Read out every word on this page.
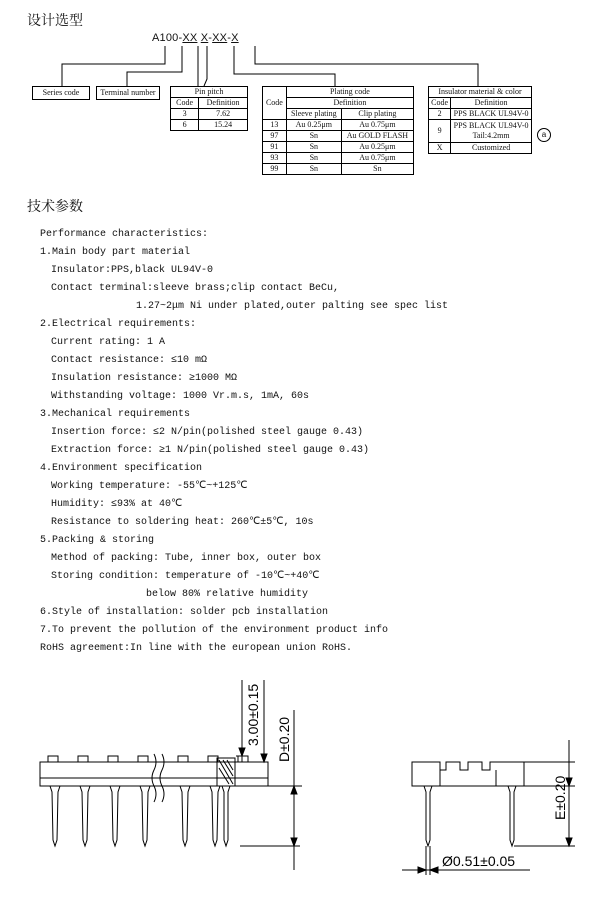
设计选型
技术参数
A100-XX X-XX-X
Series code	Terminal number	Pin pitch	
Code	Definition
3	7.62
6	15.24
Code	Plating code	
	Definition	
	Sleeve plating	Clip plating
13	Au 0.25μm	Au 0.75μm
97	Sn	Au GOLD FLASH
91	Sn	Au 0.25μm
93	Sn	Au 0.75μm
99	Sn	Sn
Insulator material & color	
Code	Definition
2	PPS BLACK UL94V-0
9	PPS BLACK UL94V-0
Tail:4.2mm
X	Customized
a
Performance characteristics:
1.Main body part material
Insulator:PPS,black UL94V-0
Contact terminal:sleeve brass;clip contact BeCu,
1.27~2μm Ni under plated,outer palting see spec list
2.Electrical requirements:
Current rating: 1 A
Contact resistance: ≤10 mΩ
Insulation resistance: ≥1000 MΩ
Withstanding voltage: 1000 Vr.m.s, 1mA, 60s
3.Mechanical requirements
Insertion force: ≤2 N/pin(polished steel gauge 0.43)
Extraction force: ≥1 N/pin(polished steel gauge 0.43)
4.Environment specification
Working temperature: -55℃~+125℃
Humidity: ≤93% at 40℃
Resistance to soldering heat: 260℃±5℃, 10s
5.Packing & storing
Method of packing: Tube, inner box, outer box
Storing condition: temperature of -10℃~+40℃
below 80% relative humidity
6.Style of installation: solder pcb installation
7.To prevent the pollution of the environment product info
RoHS agreement:In line with the european union RoHS.
3.00±0.15 D±0.20
E±0.20
Ø0.51±0.05
